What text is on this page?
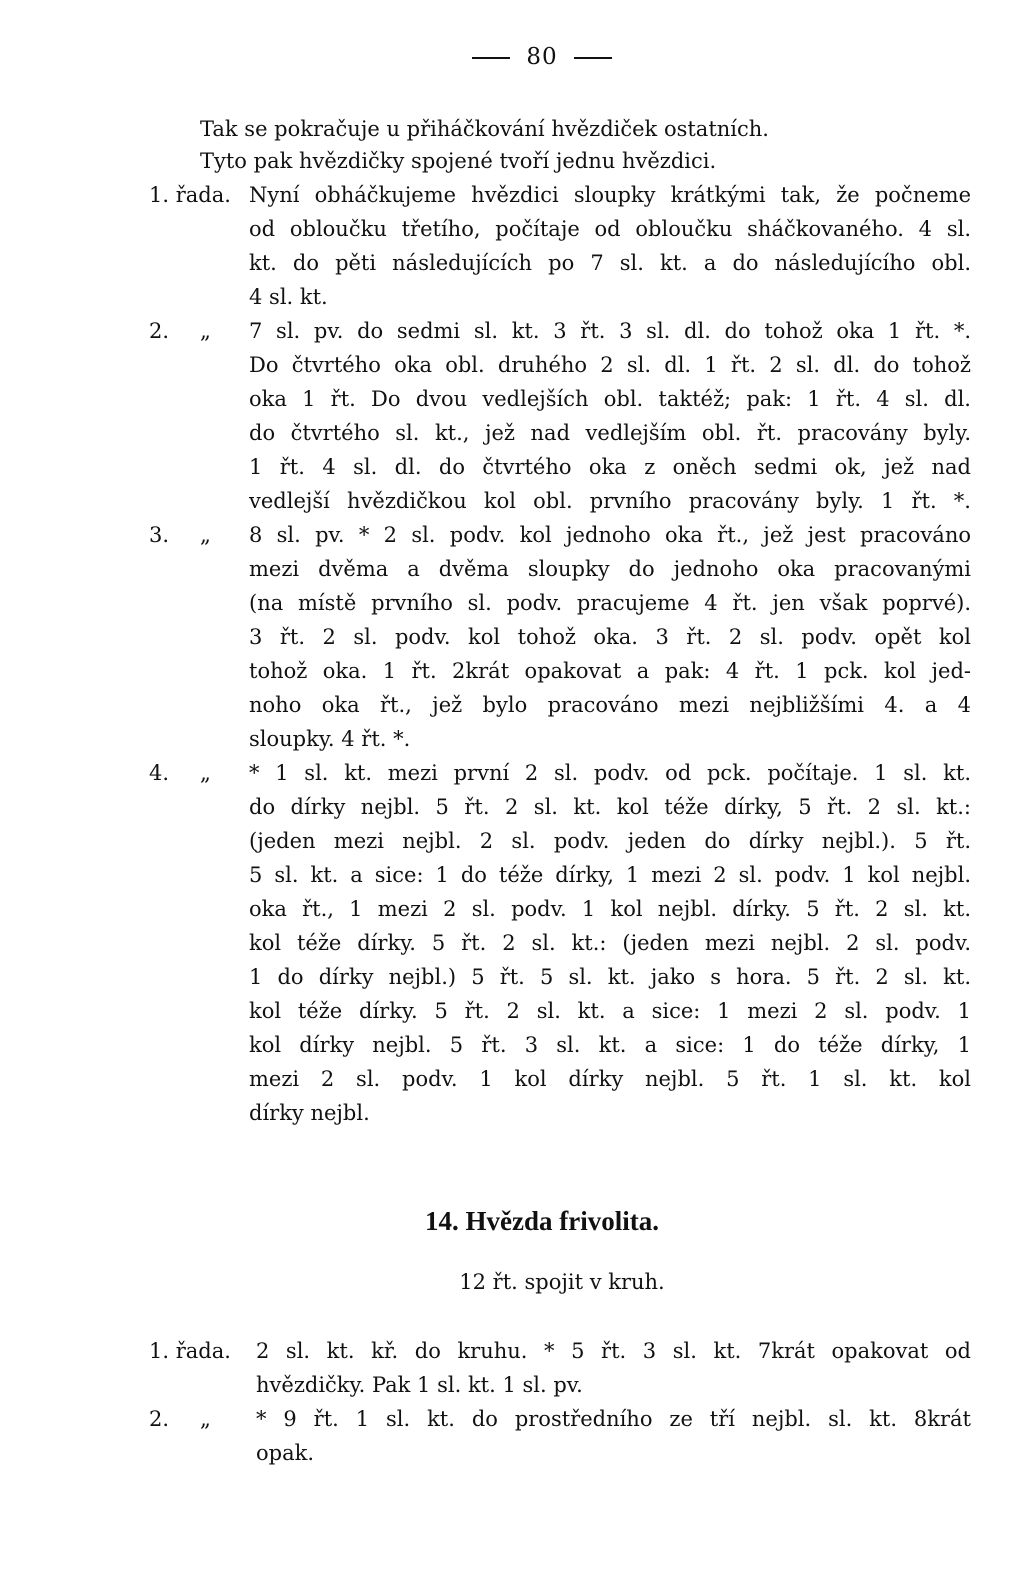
80
Tak se pokračuje u přiháčkování hvězdiček ostatních.
Tyto pak hvězdičky spojené tvoří jednu hvězdici.
1. řada. Nyní obháčkujeme hvězdici sloupky krátkými tak, že počneme
od obloučku třetího, počítaje od obloučku sháčkovaného. 4 sl.
kt. do pěti následujících po 7 sl. kt. a do následujícího obl.
4 sl. kt.
2. „ 7 sl. pv. do sedmi sl. kt. 3 řt. 3 sl. dl. do tohož oka 1 řt. *.
Do čtvrtého oka obl. druhého 2 sl. dl. 1 řt. 2 sl. dl. do tohož
oka 1 řt. Do dvou vedlejších obl. taktéž; pak: 1 řt. 4 sl. dl.
do čtvrtého sl. kt., jež nad vedlejším obl. řt. pracovány byly.
1 řt. 4 sl. dl. do čtvrtého oka z oněch sedmi ok, jež nad
vedlejší hvězdičkou kol obl. prvního pracovány byly. 1 řt. *.
3. „ 8 sl. pv. * 2 sl. podv. kol jednoho oka řt., jež jest pracováno
mezi dvěma a dvěma sloupky do jednoho oka pracovanými
(na místě prvního sl. podv. pracujeme 4 řt. jen však poprvé).
3 řt. 2 sl. podv. kol tohož oka. 3 řt. 2 sl. podv. opět kol
tohož oka. 1 řt. 2krát opakovat a pak: 4 řt. 1 pck. kol jed-
noho oka řt., jež bylo pracováno mezi nejbližšími 4. a 4
sloupky. 4 řt. *.
4. „ * 1 sl. kt. mezi první 2 sl. podv. od pck. počítaje. 1 sl. kt.
do dírky nejbl. 5 řt. 2 sl. kt. kol téže dírky, 5 řt. 2 sl. kt.:
(jeden mezi nejbl. 2 sl. podv. jeden do dírky nejbl.). 5 řt.
5 sl. kt. a sice: 1 do téže dírky, 1 mezi 2 sl. podv. 1 kol nejbl.
oka řt., 1 mezi 2 sl. podv. 1 kol nejbl. dírky. 5 řt. 2 sl. kt.
kol téže dírky. 5 řt. 2 sl. kt.: (jeden mezi nejbl. 2 sl. podv.
1 do dírky nejbl.) 5 řt. 5 sl. kt. jako s hora. 5 řt. 2 sl. kt.
kol téže dírky. 5 řt. 2 sl. kt. a sice: 1 mezi 2 sl. podv. 1
kol dírky nejbl. 5 řt. 3 sl. kt. a sice: 1 do téže dírky, 1
mezi 2 sl. podv. 1 kol dírky nejbl. 5 řt. 1 sl. kt. kol
dírky nejbl.
14. Hvězda frivolita.
12 řt. spojit v kruh.
1. řada. 2 sl. kt. kř. do kruhu. * 5 řt. 3 sl. kt. 7krát opakovat od
hvězdičky. Pak 1 sl. kt. 1 sl. pv.
2. „ * 9 řt. 1 sl. kt. do prostředního ze tří nejbl. sl. kt. 8krát
opak.
